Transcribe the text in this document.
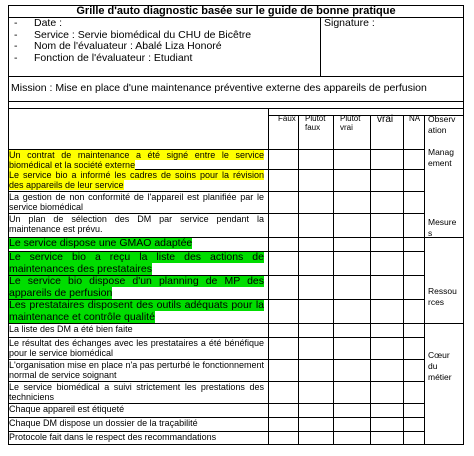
Grille d'auto diagnostic basée sur le guide de bonne pratique
- Date :
- Service : Servie biomédical du CHU de Bicêtre
- Nom de l'évaluateur : Abalé Liza Honoré
- Fonction de l'évaluateur : Etudiant
Signature :
Mission : Mise en place d'une maintenance préventive externe des appareils de perfusion
Faux Plutôt faux
Plutôt vrai
vrai NA Observation
Un contrat de maintenance a été signé entre le service biomédical et la société externe
Le service bio a informé les cadres de soins pour la révision des appareils de leur service
La gestion de non conformité de l'appareil est planifiée par le service biomédical
Un plan de sélection des DM par service pendant la maintenance est prévu.
Le service dispose une GMAO adaptée
Le service bio a reçu la liste des actions de maintenances des prestataires
Le service bio dispose d'un planning de MP des appareils de perfusion
Les prestataires disposent des outils adéquats pour la maintenance et contrôle qualité
La liste des DM a été bien faite
Le résultat des échanges avec les prestataires a été bénéfique pour le service biomédical
L'organisation mise en place n'a pas perturbé le fonctionnement normal de service soignant
Le service biomédical a suivi strictement les prestations des techniciens
Chaque appareil est étiqueté
Chaque DM dispose un dossier de la traçabilité
Protocole fait dans le respect des recommandations
Management
Mesures
Ressources
Cœur du métier
